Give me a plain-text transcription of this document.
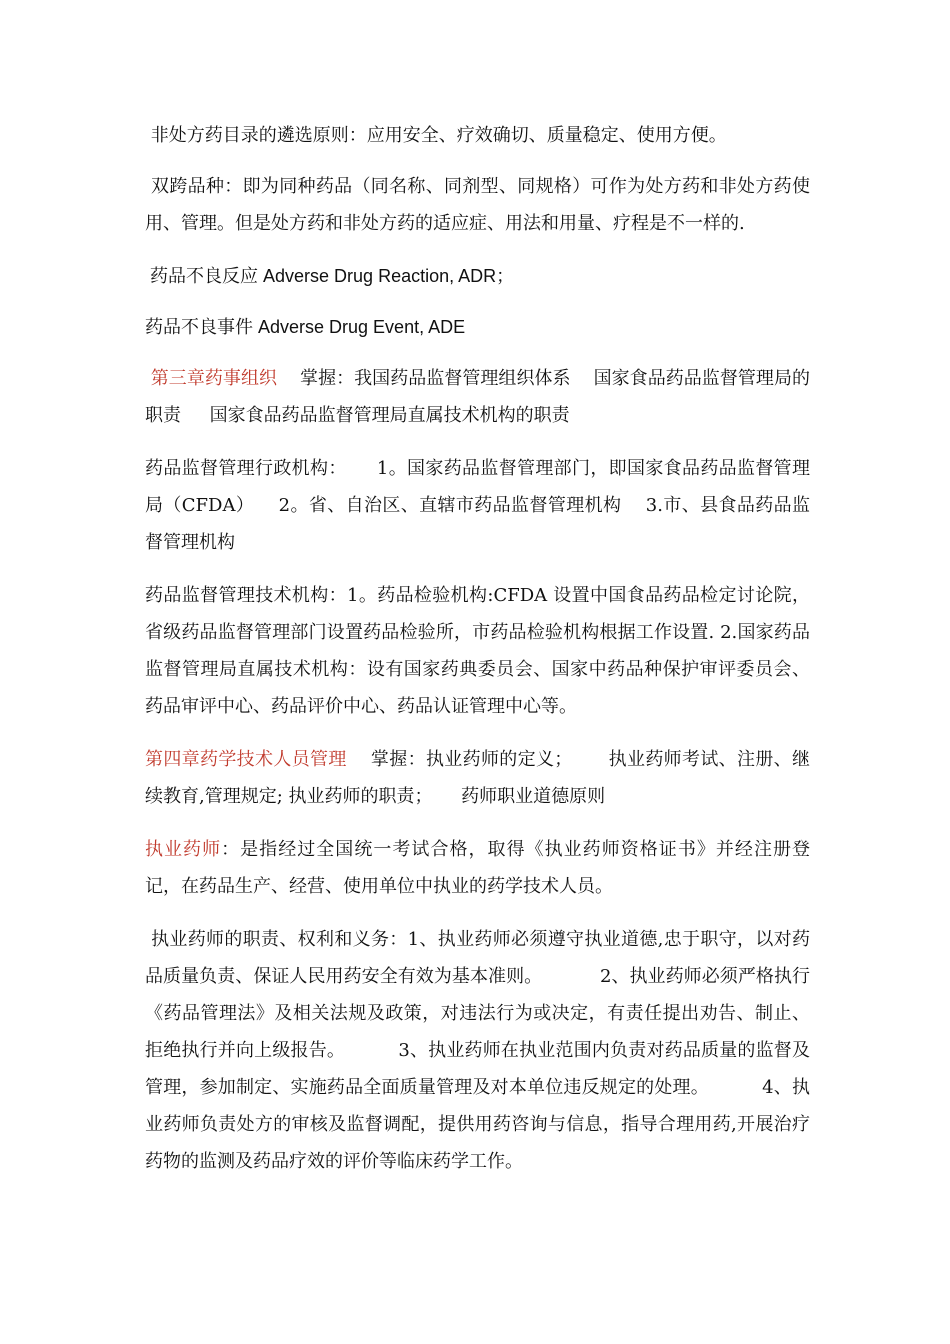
非处方药目录的遴选原则：应用安全、疗效确切、质量稳定、使用方便。

双跨品种：即为同种药品（同名称、同剂型、同规格）可作为处方药和非处方药使用、管理。但是处方药和非处方药的适应症、用法和用量、疗程是不一样的.

药品不良反应 Adverse Drug Reaction, ADR；

药品不良事件 Adverse Drug Event, ADE

第三章药事组织    掌握：我国药品监督管理组织体系    国家食品药品监督管理局的职责     国家食品药品监督管理局直属技术机构的职责

药品监督管理行政机构：     1。国家药品监督管理部门，即国家食品药品监督管理局（CFDA）    2。省、自治区、直辖市药品监督管理机构    3.市、县食品药品监督管理机构

药品监督管理技术机构：1。药品检验机构:CFDA 设置中国食品药品检定讨论院，省级药品监督管理部门设置药品检验所，市药品检验机构根据工作设置. 2.国家药品监督管理局直属技术机构：设有国家药典委员会、国家中药品种保护审评委员会、药品审评中心、药品评价中心、药品认证管理中心等。

第四章药学技术人员管理    掌握：执业药师的定义；      执业药师考试、注册、继续教育,管理规定; 执业药师的职责；     药师职业道德原则

执业药师：是指经过全国统一考试合格，取得《执业药师资格证书》并经注册登记，在药品生产、经营、使用单位中执业的药学技术人员。

执业药师的职责、权利和义务：1、执业药师必须遵守执业道德,忠于职守，以对药品质量负责、保证人民用药安全有效为基本准则。          2、执业药师必须严格执行《药品管理法》及相关法规及政策，对违法行为或决定，有责任提出劝告、制止、拒绝执行并向上级报告。         3、执业药师在执业范围内负责对药品质量的监督及管理，参加制定、实施药品全面质量管理及对本单位违反规定的处理。         4、执业药师负责处方的审核及监督调配，提供用药咨询与信息，指导合理用药,开展治疗药物的监测及药品疗效的评价等临床药学工作。
